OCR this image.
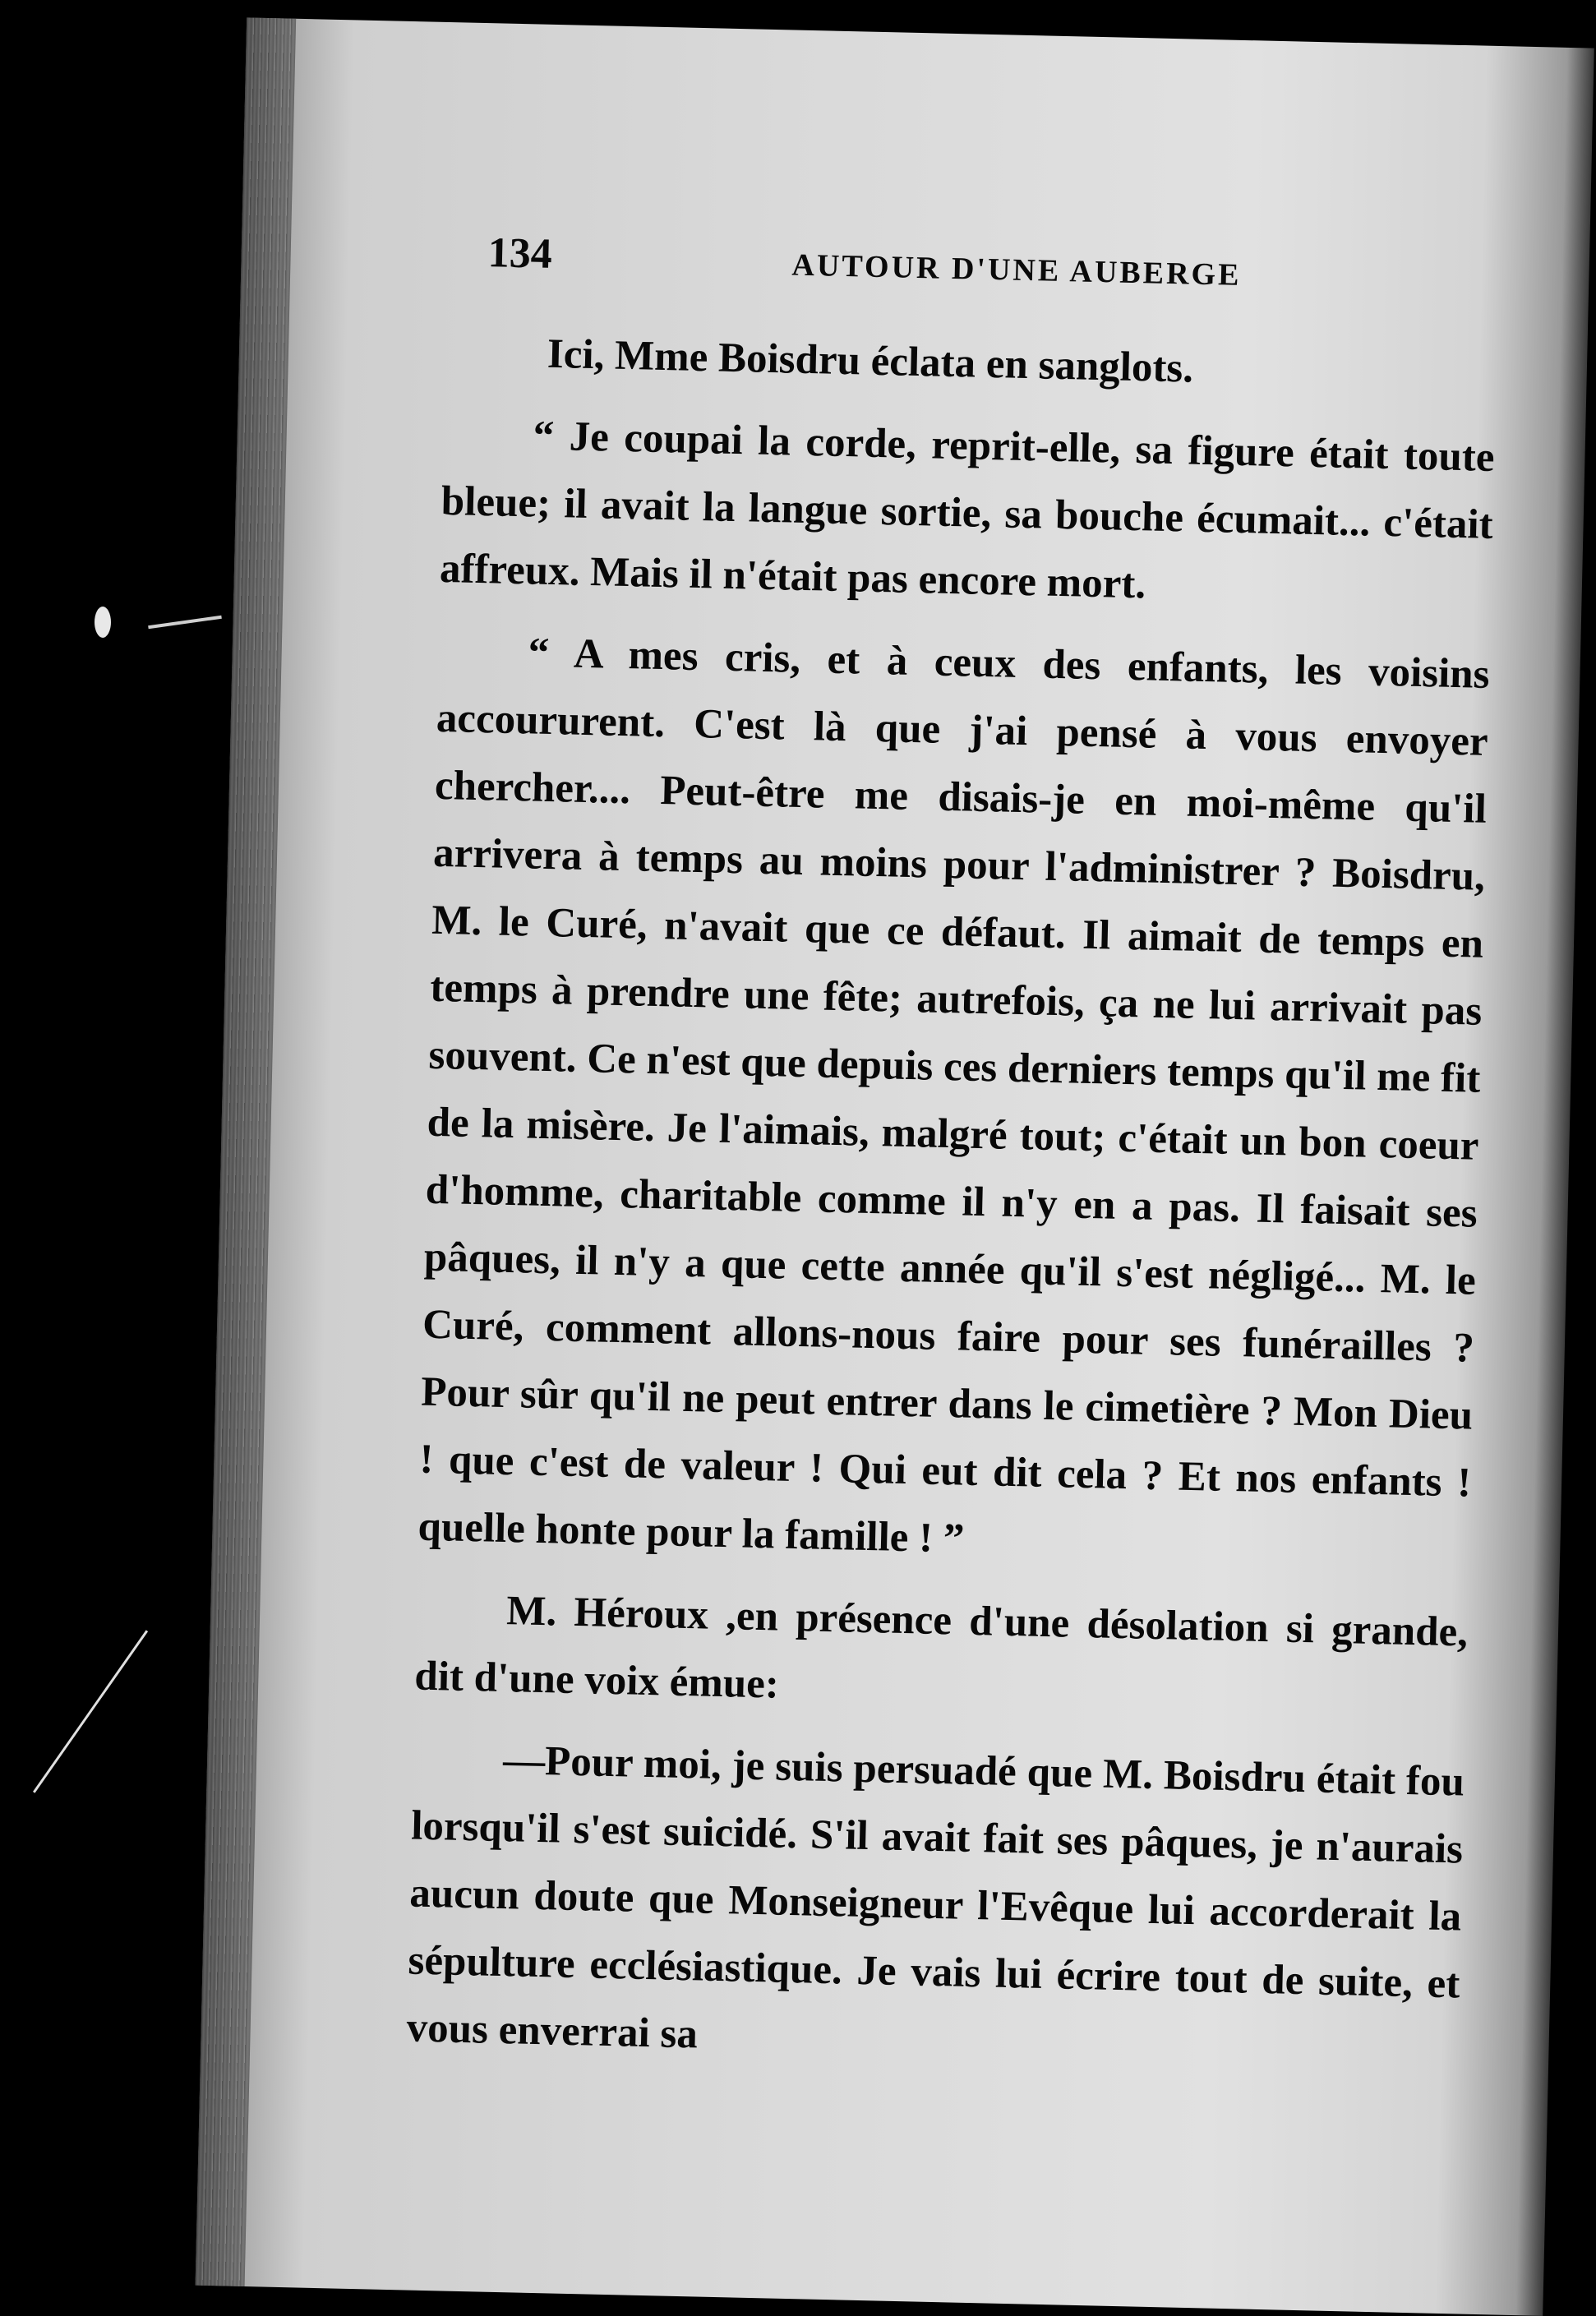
134	AUTOUR D'UNE AUBERGE

Ici, Mme Boisdru éclata en sanglots.

“ Je coupai la corde, reprit-elle, sa figure était toute bleue; il avait la langue sortie, sa bouche écumait... c'était affreux. Mais il n'était pas encore mort.

“ A mes cris, et à ceux des enfants, les voisins accoururent. C'est là que j'ai pensé à vous envoyer chercher.... Peut-être me disais-je en moi-même qu'il arrivera à temps au moins pour l'administrer ? Boisdru, M. le Curé, n'avait que ce défaut. Il aimait de temps en temps à prendre une fête; autrefois, ça ne lui arrivait pas souvent. Ce n'est que depuis ces derniers temps qu'il me fit de la misère. Je l'aimais, malgré tout; c'était un bon coeur d'homme, charitable comme il n'y en a pas. Il faisait ses pâques, il n'y a que cette année qu'il s'est négligé... M. le Curé, comment allons-nous faire pour ses funérailles ? Pour sûr qu'il ne peut entrer dans le cimetière ? Mon Dieu ! que c'est de valeur ! Qui eut dit cela ? Et nos enfants ! quelle honte pour la famille ! ”

M. Héroux ,en présence d'une désolation si grande, dit d'une voix émue:

—Pour moi, je suis persuadé que M. Boisdru était fou lorsqu'il s'est suicidé. S'il avait fait ses pâques, je n'aurais aucun doute que Monseigneur l'Evêque lui accorderait la sépulture ecclésiastique. Je vais lui écrire tout de suite, et vous enverrai sa
